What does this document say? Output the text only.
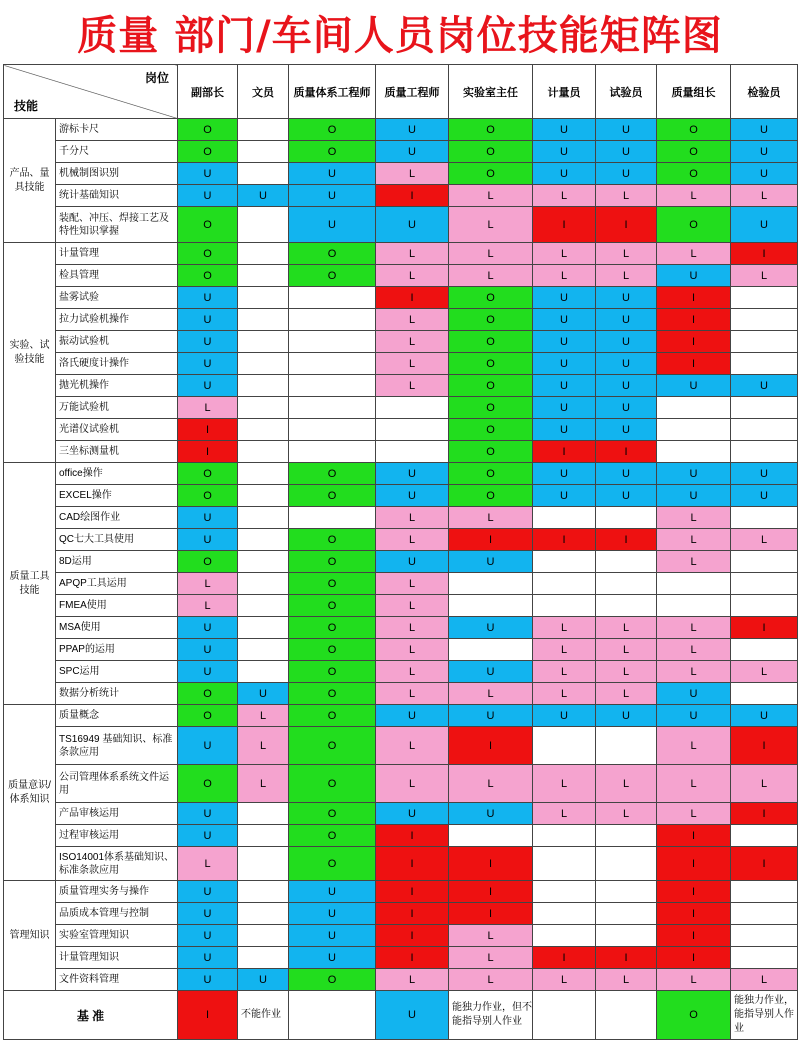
质量 部门/车间人员岗位技能矩阵图
岗位
技能		副部长	文员	质量体系工程师	质量工程师	实验室主任	计量员	试验员	质量组长	检验员
产品、量具技能	游标卡尺	O		O	U	O	U	U	O	U
	千分尺	O		O	U	O	U	U	O	U
	机械制图识别	U		U	L	O	U	U	O	U
	统计基础知识	U	U	U	I	L	L	L	L	L
	装配、冲压、焊接工艺及特性知识掌握	O		U	U	L	I	I	O	U
实验、试验技能	计量管理	O		O	L	L	L	L	L	I
	检具管理	O		O	L	L	L	L	U	L
	盐雾试验	U			I	O	U	U	I	
	拉力试验机操作	U			L	O	U	U	I	
	振动试验机	U			L	O	U	U	I	
	洛氏硬度计操作	U			L	O	U	U	I	
	抛光机操作	U			L	O	U	U	U	U
	万能试验机	L				O	U	U		
	光谱仪试验机	I				O	U	U		
	三坐标测量机	I				O	I	I		
质量工具技能	office操作	O		O	U	O	U	U	U	U
	EXCEL操作	O		O	U	O	U	U	U	U
	CAD绘图作业	U			L	L			L	
	QC七大工具使用	U		O	L	I	I	I	L	L
	8D运用	O		O	U	U			L	
	APQP工具运用	L		O	L					
	FMEA使用	L		O	L					
	MSA使用	U		O	L	U	L	L	L	I
	PPAP的运用	U		O	L		L	L	L	
	SPC运用	U		O	L	U	L	L	L	L
	数据分析统计	O	U	O	L	L	L	L	U	
质量意识/体系知识	质量概念	O	L	O	U	U	U	U	U	U
	TS16949 基础知识、标准条款应用	U	L	O	L	I			L	I
	公司管理体系系统文件运用	O	L	O	L	L	L	L	L	L
	产品审核运用	U		O	U	U	L	L	L	I
	过程审核运用	U		O	I				I	
	ISO14001体系基础知识、标准条款应用	L		O	I	I			I	I
管理知识	质量管理实务与操作	U		U	I	I			I	
	品质成本管理与控制	U		U	I	I			I	
	实验室管理知识	U		U	I	L			I	
	计量管理知识	U		U	I	L	I	I	I	
	文件资料管理	U	U	O	L	L	L	L	L	L
基 准		I	不能作业		U	能独力作业，但不能指导别人作业			O	能独力作业，能指导别人作业
